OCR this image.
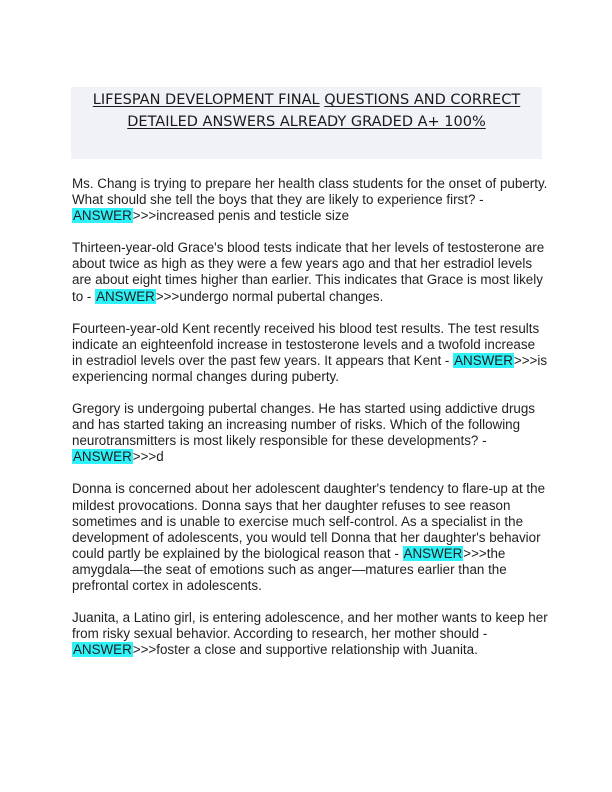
LIFESPAN DEVELOPMENT FINAL QUESTIONS AND CORRECT
DETAILED ANSWERS ALREADY GRADED A+ 100%

Ms. Chang is trying to prepare her health class students for the onset of puberty. What should she tell the boys that they are likely to experience first? - ANSWER>>>increased penis and testicle size

Thirteen-year-old Grace's blood tests indicate that her levels of testosterone are about twice as high as they were a few years ago and that her estradiol levels are about eight times higher than earlier. This indicates that Grace is most likely to - ANSWER>>>undergo normal pubertal changes.

Fourteen-year-old Kent recently received his blood test results. The test results indicate an eighteenfold increase in testosterone levels and a twofold increase in estradiol levels over the past few years. It appears that Kent - ANSWER>>>is experiencing normal changes during puberty.

Gregory is undergoing pubertal changes. He has started using addictive drugs and has started taking an increasing number of risks. Which of the following neurotransmitters is most likely responsible for these developments? - ANSWER>>>d

Donna is concerned about her adolescent daughter's tendency to flare-up at the mildest provocations. Donna says that her daughter refuses to see reason sometimes and is unable to exercise much self-control. As a specialist in the development of adolescents, you would tell Donna that her daughter's behavior could partly be explained by the biological reason that - ANSWER>>>the amygdala—the seat of emotions such as anger—matures earlier than the prefrontal cortex in adolescents.

Juanita, a Latino girl, is entering adolescence, and her mother wants to keep her from risky sexual behavior. According to research, her mother should - ANSWER>>>foster a close and supportive relationship with Juanita.
